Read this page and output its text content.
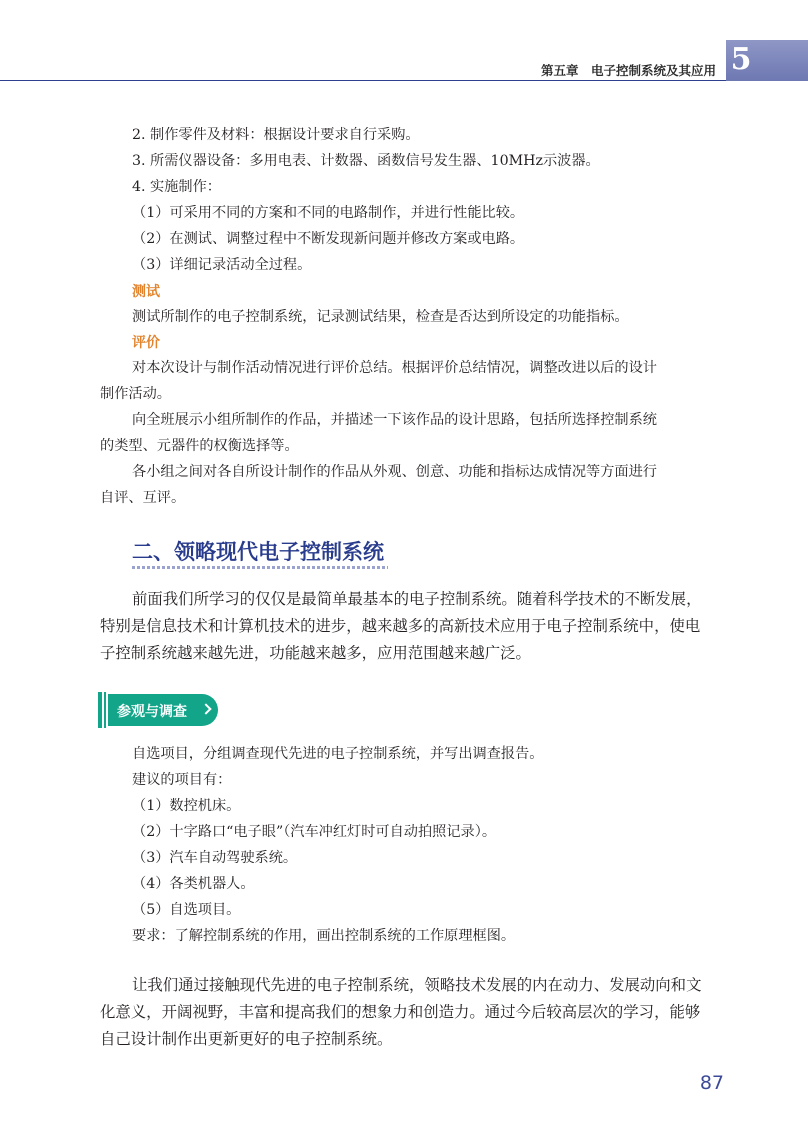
第五章　电子控制系统及其应用 5
2. 制作零件及材料：根据设计要求自行采购。
3. 所需仪器设备：多用电表、计数器、函数信号发生器、10MHz示波器。
4. 实施制作：
（1）可采用不同的方案和不同的电路制作，并进行性能比较。
（2）在测试、调整过程中不断发现新问题并修改方案或电路。
（3）详细记录活动全过程。
测试
测试所制作的电子控制系统，记录测试结果，检查是否达到所设定的功能指标。
评价
对本次设计与制作活动情况进行评价总结。根据评价总结情况，调整改进以后的设计
制作活动。
向全班展示小组所制作的作品，并描述一下该作品的设计思路，包括所选择控制系统
的类型、元器件的权衡选择等。
各小组之间对各自所设计制作的作品从外观、创意、功能和指标达成情况等方面进行
自评、互评。
二、领略现代电子控制系统
前面我们所学习的仅仅是最简单最基本的电子控制系统。随着科学技术的不断发展，
特别是信息技术和计算机技术的进步，越来越多的高新技术应用于电子控制系统中，使电
子控制系统越来越先进，功能越来越多，应用范围越来越广泛。
参观与调查
自选项目，分组调查现代先进的电子控制系统，并写出调查报告。
建议的项目有：
（1）数控机床。
（2）十字路口“电子眼”（汽车冲红灯时可自动拍照记录）。
（3）汽车自动驾驶系统。
（4）各类机器人。
（5）自选项目。
要求：了解控制系统的作用，画出控制系统的工作原理框图。
让我们通过接触现代先进的电子控制系统，领略技术发展的内在动力、发展动向和文
化意义，开阔视野，丰富和提高我们的想象力和创造力。通过今后较高层次的学习，能够
自己设计制作出更新更好的电子控制系统。
87
